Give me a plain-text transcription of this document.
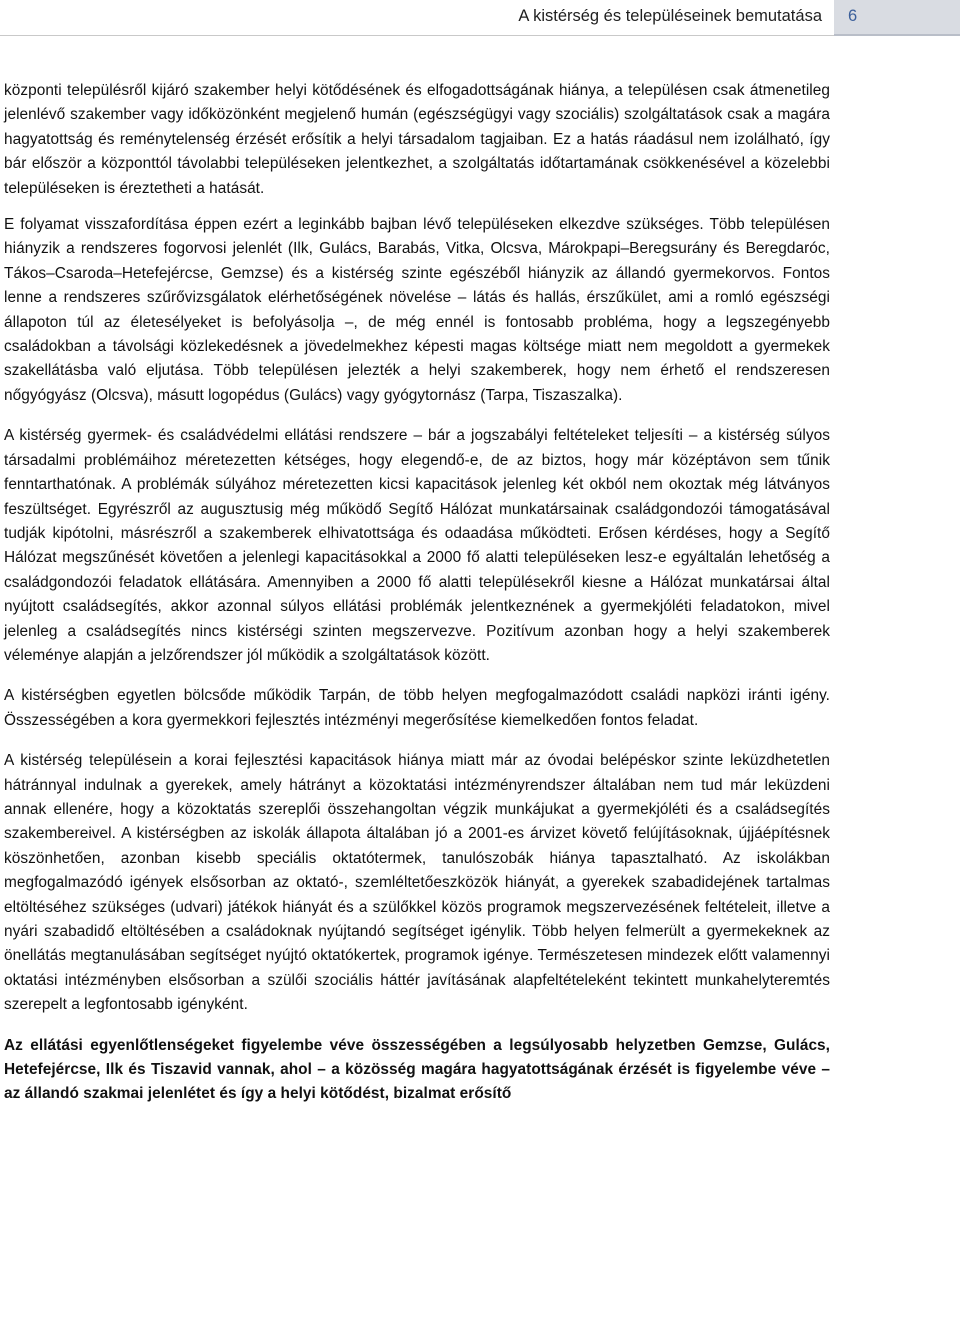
A kistérség és településeinek bemutatása 6

központi településről kijáró szakember helyi kötődésének és elfogadottságának hiánya, a településen csak átmenetileg jelenlévő szakember vagy időközönként megjelenő humán (egészségügyi vagy szociális) szolgáltatások csak a magára hagyatottság és reménytelenség érzését erősítik a helyi társadalom tagjaiban. Ez a hatás ráadásul nem izolálható, így bár először a központtól távolabbi településeken jelentkezhet, a szolgáltatás időtartamának csökkenésével a közelebbi településeken is éreztetheti a hatását.

E folyamat visszafordítása éppen ezért a leginkább bajban lévő településeken elkezdve szükséges. Több településen hiányzik a rendszeres fogorvosi jelenlét (Ilk, Gulács, Barabás, Vitka, Olcsva, Márokpapi–Beregsurány és Beregdaróc, Tákos–Csaroda–Hetefejércse, Gemzse) és a kistérség szinte egészéből hiányzik az állandó gyermekorvos. Fontos lenne a rendszeres szűrővizsgálatok elérhetőségének növelése – látás és hallás, érszűkület, ami a romló egészségi állapoton túl az életesélyeket is befolyásolja –, de még ennél is fontosabb probléma, hogy a legszegényebb családokban a távolsági közlekedésnek a jövedelmekhez képesti magas költsége miatt nem megoldott a gyermekek szakellátásba való eljutása. Több településen jelezték a helyi szakemberek, hogy nem érhető el rendszeresen nőgyógyász (Olcsva), másutt logopédus (Gulács) vagy gyógytornász (Tarpa, Tiszaszalka).

A kistérség gyermek- és családvédelmi ellátási rendszere – bár a jogszabályi feltételeket teljesíti – a kistérség súlyos társadalmi problémáihoz méretezetten kétséges, hogy elegendő-e, de az biztos, hogy már középtávon sem tűnik fenntarthatónak. A problémák súlyához méretezetten kicsi kapacitások jelenleg két okból nem okoztak még látványos feszültséget. Egyrészről az augusztusig még működő Segítő Hálózat munkatársainak családgondozói támogatásával tudják kipótolni, másrészről a szakemberek elhivatottsága és odaadása működteti. Erősen kérdéses, hogy a Segítő Hálózat megszűnését követően a jelenlegi kapacitásokkal a 2000 fő alatti településeken lesz-e egyáltalán lehetőség a családgondozói feladatok ellátására. Amennyiben a 2000 fő alatti településekről kiesne a Hálózat munkatársai által nyújtott családsegítés, akkor azonnal súlyos ellátási problémák jelentkeznének a gyermekjóléti feladatokon, mivel jelenleg a családsegítés nincs kistérségi szinten megszervezve. Pozitívum azonban hogy a helyi szakemberek véleménye alapján a jelzőrendszer jól működik a szolgáltatások között.

A kistérségben egyetlen bölcsőde működik Tarpán, de több helyen megfogalmazódott családi napközi iránti igény. Összességében a kora gyermekkori fejlesztés intézményi megerősítése kiemelkedően fontos feladat.

A kistérség településein a korai fejlesztési kapacitások hiánya miatt már az óvodai belépéskor szinte leküzdhetetlen hátránnyal indulnak a gyerekek, amely hátrányt a közoktatási intézményrendszer általában nem tud már leküzdeni annak ellenére, hogy a közoktatás szereplői összehangoltan végzik munkájukat a gyermekjóléti és a családsegítés szakembereivel. A kistérségben az iskolák állapota általában jó a 2001-es árvizet követő felújításoknak, újjáépítésnek köszönhetően, azonban kisebb speciális oktatótermek, tanulószobák hiánya tapasztalható. Az iskolákban megfogalmazódó igények elsősorban az oktató-, szemléltetőeszközök hiányát, a gyerekek szabadidejének tartalmas eltöltéséhez szükséges (udvari) játékok hiányát és a szülőkkel közös programok megszervezésének feltételeit, illetve a nyári szabadidő eltöltésében a családoknak nyújtandó segítséget igénylik. Több helyen felmerült a gyermekeknek az önellátás megtanulásában segítséget nyújtó oktatókertek, programok igénye. Természetesen mindezek előtt valamennyi oktatási intézményben elsősorban a szülői szociális háttér javításának alapfeltételeként tekintett munkahelyteremtés szerepelt a legfontosabb igényként.

Az ellátási egyenlőtlenségeket figyelembe véve összességében a legsúlyosabb helyzetben Gemzse, Gulács, Hetefejércse, Ilk és Tiszavid vannak, ahol – a közösség magára hagyatottságának érzését is figyelembe véve – az állandó szakmai jelenlétet és így a helyi kötődést, bizalmat erősítő
